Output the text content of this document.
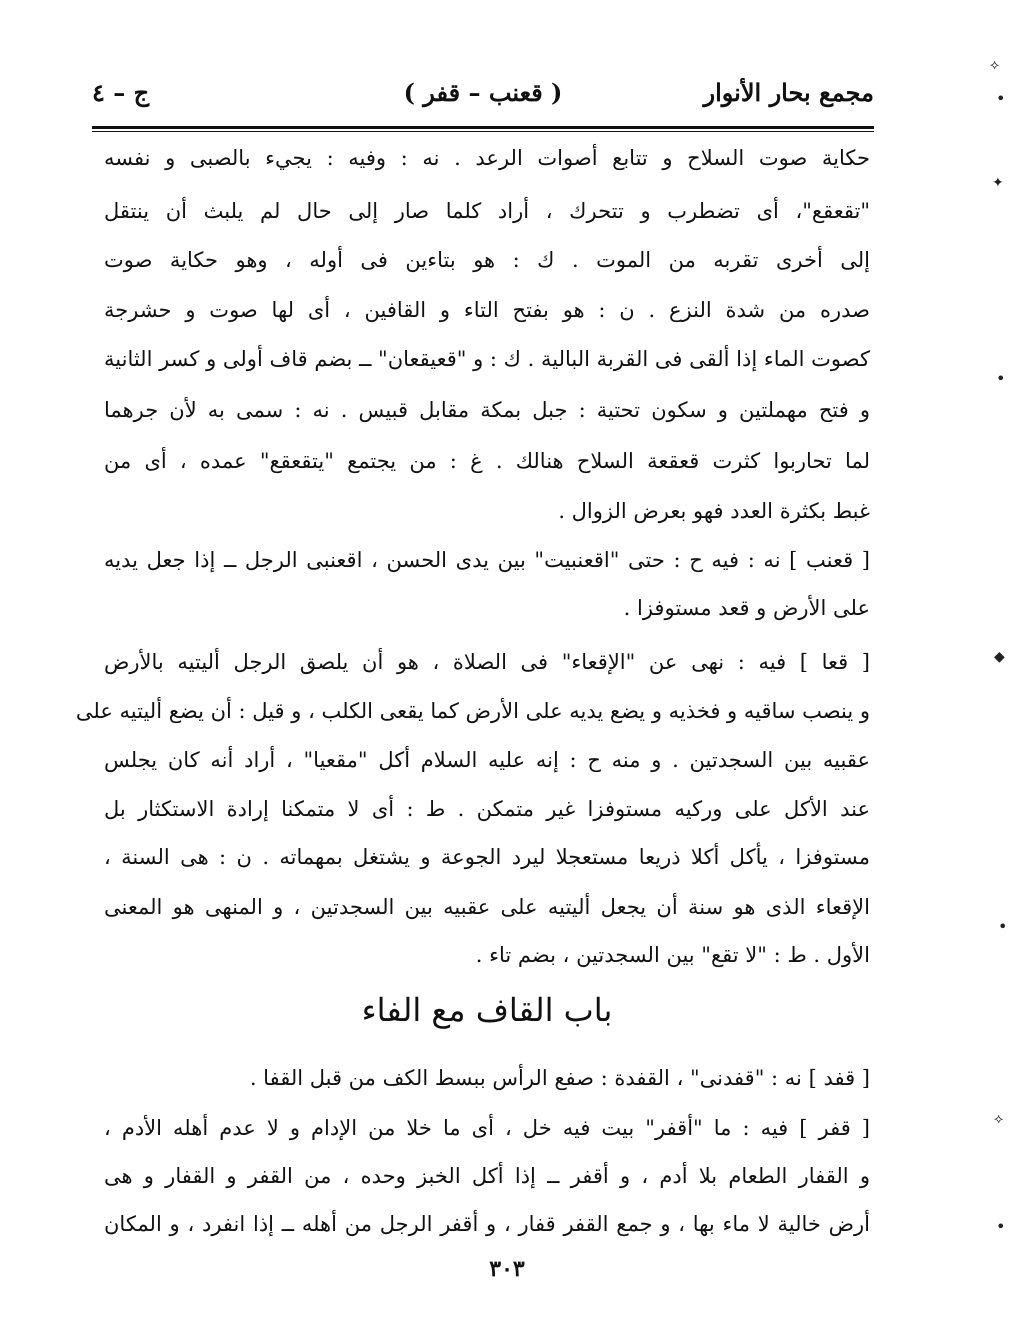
مجمع بحار الأنوار
( قعنب – قفر )
ج – ٤
حكاية صوت السلاح و تتابع أصوات الرعد . نه : وفيه : يجيء بالصبى و نفسه
"تقعقع"، أى تضطرب و تتحرك ، أراد كلما صار إلى حال لم يلبث أن ينتقل
إلى أخرى تقربه من الموت . ك : هو بتاءين فى أوله ، وهو حكاية صوت
صدره من شدة النزع . ن : هو بفتح التاء و القافين ، أى لها صوت و حشرجة
كصوت الماء إذا ألقى فى القربة البالية . ك : و "قعيقعان" ــ بضم قاف أولى و كسر الثانية
و فتح مهملتين و سكون تحتية : جبل بمكة مقابل قبيس . نه : سمى به لأن جرهما
لما تحاربوا كثرت قعقعة السلاح هنالك . غ : من يجتمع "يتقعقع" عمده ، أى من
غبط بكثرة العدد فهو بعرض الزوال .
[ قعنب ] نه : فيه ح : حتى "اقعنبيت" بين يدى الحسن ، اقعنبى الرجل ــ إذا جعل يديه
على الأرض و قعد مستوفزا .
[ قعا ] فيه : نهى عن "الإقعاء" فى الصلاة ، هو أن يلصق الرجل أليتيه بالأرض
و ينصب ساقيه و فخذيه و يضع يديه على الأرض كما يقعى الكلب ، و قيل : أن يضع أليتيه على
عقبيه بين السجدتين . و منه ح : إنه عليه السلام أكل "مقعيا" ، أراد أنه كان يجلس
عند الأكل على وركيه مستوفزا غير متمكن . ط : أى لا متمكنا إرادة الاستكثار بل
مستوفزا ، يأكل أكلا ذريعا مستعجلا ليرد الجوعة و يشتغل بمهماته . ن : هى السنة ،
الإقعاء الذى هو سنة أن يجعل أليتيه على عقبيه بين السجدتين ، و المنهى هو المعنى
الأول . ط : "لا تقع" بين السجدتين ، بضم تاء .
باب القاف مع الفاء
[ قفد ] نه : "قفدنى" ، القفدة : صفع الرأس ببسط الكف من قبل القفا .
[ قفر ] فيه : ما "أقفر" بيت فيه خل ، أى ما خلا من الإدام و لا عدم أهله الأدم ،
و القفار الطعام بلا أدم ، و أقفر ــ إذا أكل الخبز وحده ، من القفر و القفار و هى
أرض خالية لا ماء بها ، و جمع القفر قفار ، و أقفر الرجل من أهله ــ إذا انفرد ، و المكان
٣٠٣
⟡
•
✦
•
◆
•
⟡
•
